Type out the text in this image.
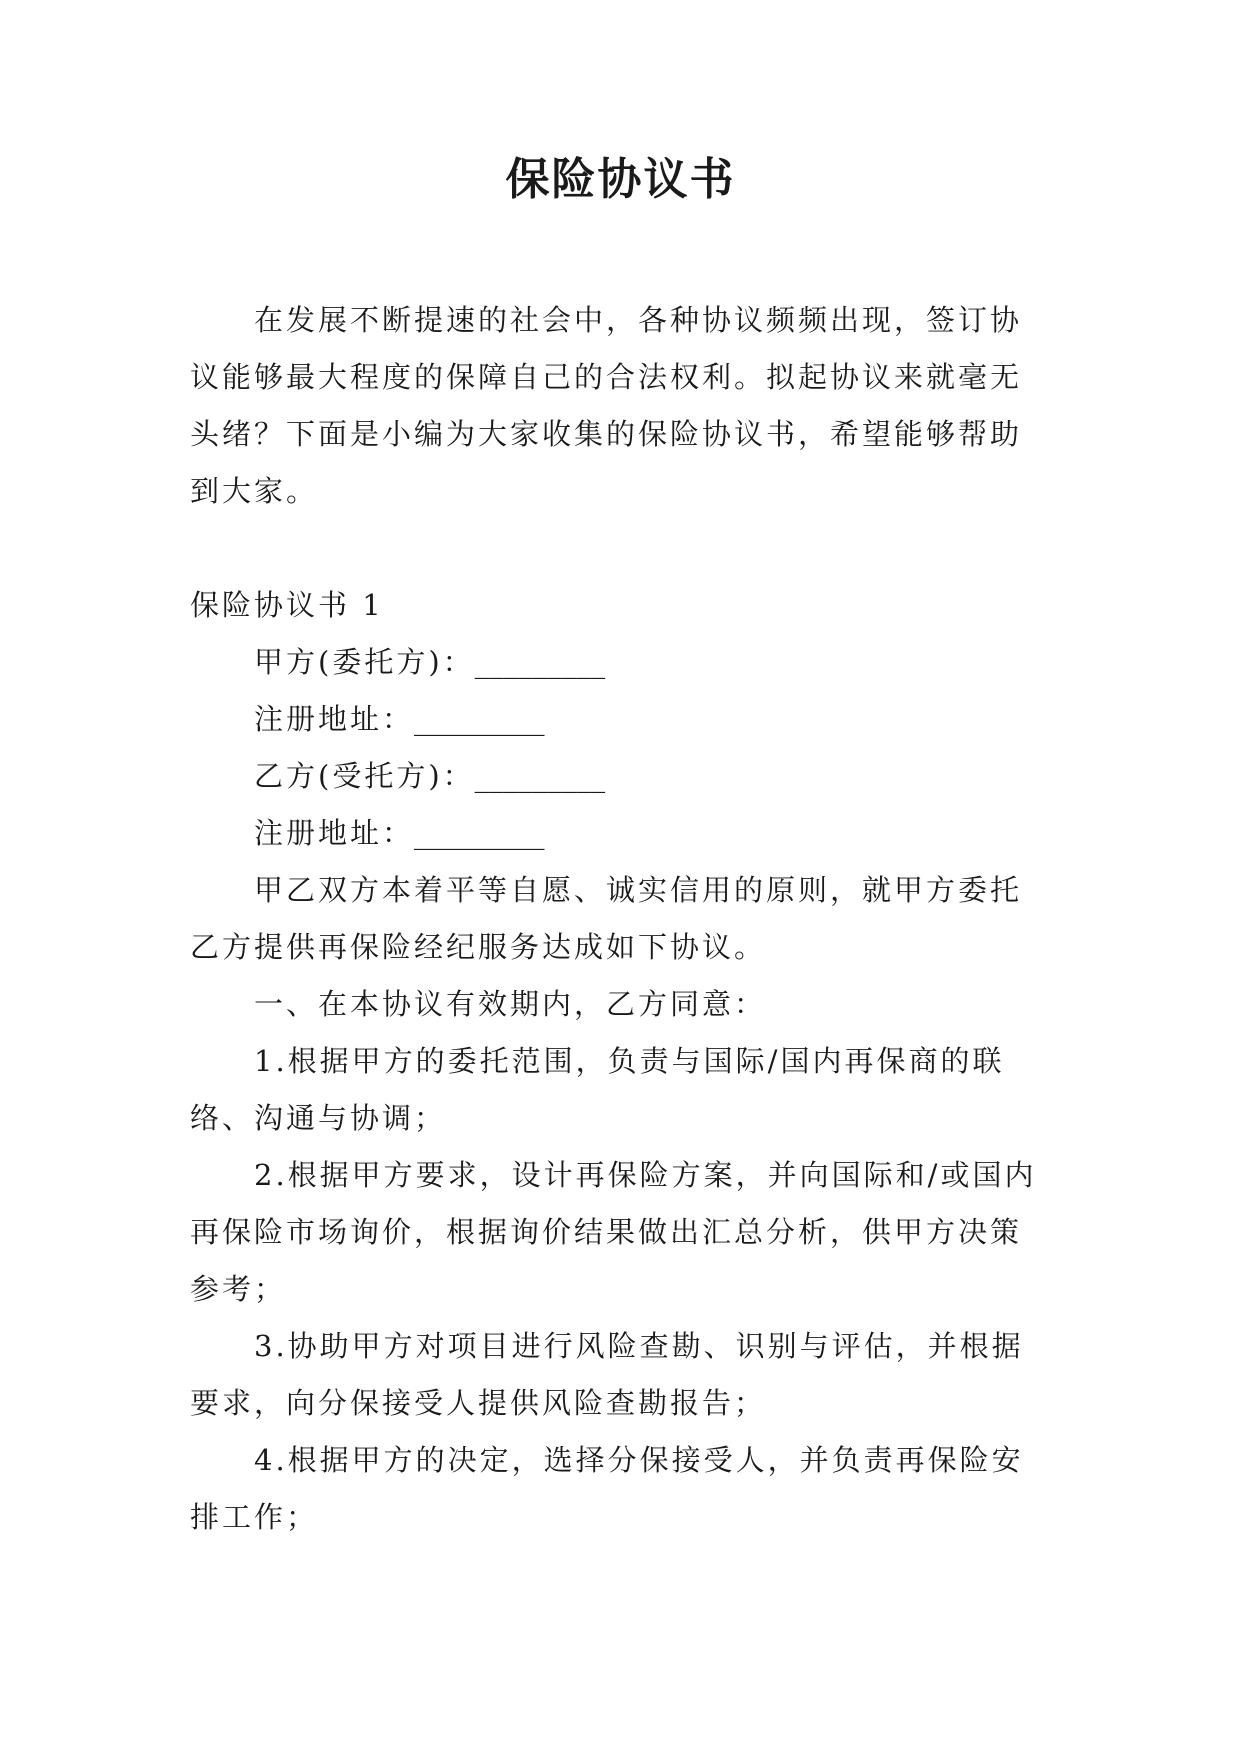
保险协议书

在发展不断提速的社会中，各种协议频频出现，签订协议能够最大程度的保障自己的合法权利。拟起协议来就毫无头绪？下面是小编为大家收集的保险协议书，希望能够帮助到大家。

保险协议书 1

甲方(委托方)：_________

注册地址：_________

乙方(受托方)：_________

注册地址：_________

甲乙双方本着平等自愿、诚实信用的原则，就甲方委托乙方提供再保险经纪服务达成如下协议。

一、在本协议有效期内，乙方同意：

1.根据甲方的委托范围，负责与国际/国内再保商的联络、沟通与协调；

2.根据甲方要求，设计再保险方案，并向国际和/或国内再保险市场询价，根据询价结果做出汇总分析，供甲方决策参考；

3.协助甲方对项目进行风险查勘、识别与评估，并根据要求，向分保接受人提供风险查勘报告；

4.根据甲方的决定，选择分保接受人，并负责再保险安排工作；
